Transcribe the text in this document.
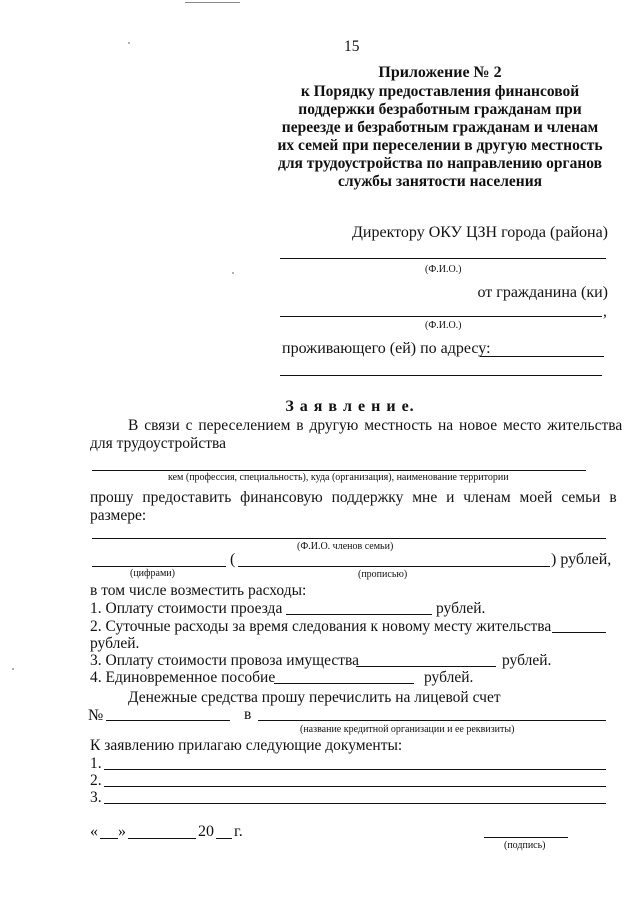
15
Приложение № 2
к Порядку предоставления финансовой
поддержки безработным гражданам при
переезде и безработным гражданам и членам
их семей при переселении в другую местность
для трудоустройства по направлению органов
службы занятости населения
Директору ОКУ ЦЗН города (района)
(Ф.И.О.)
от гражданина (ки)
,
(Ф.И.О.)
проживающего (ей) по адресу:
З а я в л е н и е.
В связи с переселением в другую местность на новое место жительства
для трудоустройства
кем (профессия, специальность), куда (организация), наименование территории
прошу предоставить финансовую поддержку мне и членам моей семьи в
размере:
(Ф.И.О. членов семьи)
(	) рублей,
(цифрами)	(прописью)
в том числе возместить расходы:
1. Оплату стоимости проезда	рублей.
2. Суточные расходы за время следования к новому месту жительства
рублей.
3. Оплату стоимости провоза имущества	рублей.
4. Единовременное пособие	рублей.
Денежные средства прошу перечислить на лицевой счет
№	в
(название кредитной организации и ее реквизиты)
К заявлению прилагаю следующие документы:
1.
2.
3.
« »	20 г.
(подпись)
